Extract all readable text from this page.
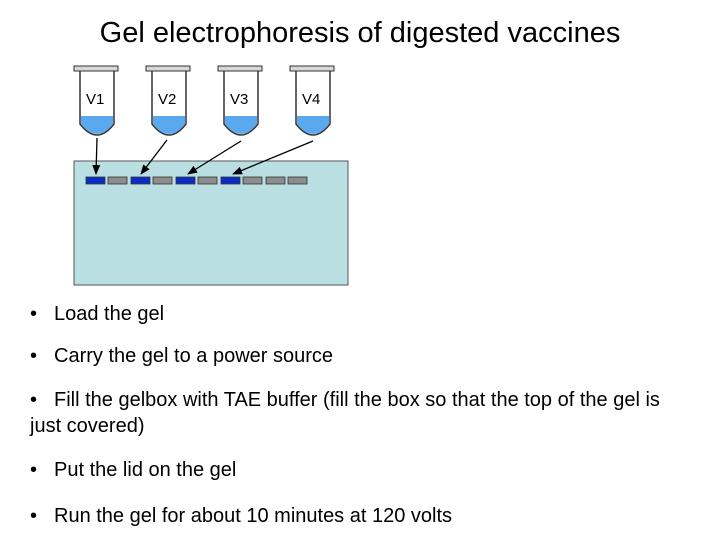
Gel electrophoresis of digested vaccines
V1	V2	V3	V4
• Load the gel
• Carry the gel to a power source
• Fill the gelbox with TAE buffer (fill the box so that the top of the gel is just covered)
• Put the lid on the gel
• Run the gel for about 10 minutes at 120 volts
